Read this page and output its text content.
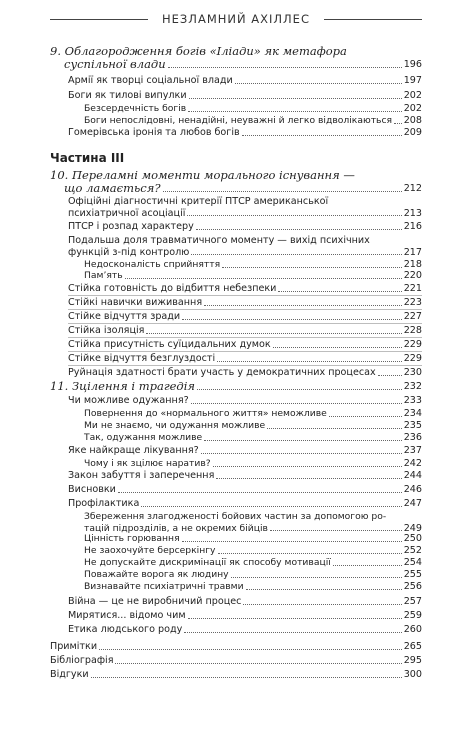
НЕЗЛАМНИЙ АХІЛЛЕС
9. Облагородження богів «Іліади» як метафора
суспільної влади	196
Армії як творці соціальної влади	197
Боги як тилові випулки	202
Безсердечність богів	202
Боги непослідовні, ненадійні, неуважні й легко відволікаються 208
Гомерівська іронія та любов богів	209
Частина III
10. Переламні моменти морального існування —
що ламається?	212
Офіційні діагностичні критерії ПТСР американської
психіатричної асоціації	213
ПТСР і розпад характеру	216
Подальша доля травматичного моменту — вихід психічних
функцій з-під контролю	217
Недосконалість сприйняття	218
Пам’ять	220
Стійка готовність до відбиття небезпеки	221
Стійкі навички виживання	223
Стійке відчуття зради	227
Стійка ізоляція	228
Стійка присутність суїцидальних думок	229
Стійке відчуття безглуздості	229
Руйнація здатності брати участь у демократичних процесах	230
11. Зцілення і трагедія	232
Чи можливе одужання?	233
Повернення до «нормального життя» неможливе	234
Ми не знаємо, чи одужання можливе	235
Так, одужання можливе	236
Яке найкраще лікування?	237
Чому і як зцілює наратив?	242
Закон забуття і заперечення	244
Висновки	246
Профілактика	247
Збереження злагодженості бойових частин за допомогою ро-
тацій підрозділів, а не окремих бійців	249
Цінність горювання	250
Не заохочуйте берсеркінгу	252
Не допускайте дискримінації як способу мотивації	254
Поважайте ворога як людину	255
Визнавайте психіатричні травми	256
Війна — це не виробничий процес	257
Мирятися... відомо чим	259
Етика людського роду	260
Примітки	265
Бібліографія	295
Відгуки	300
